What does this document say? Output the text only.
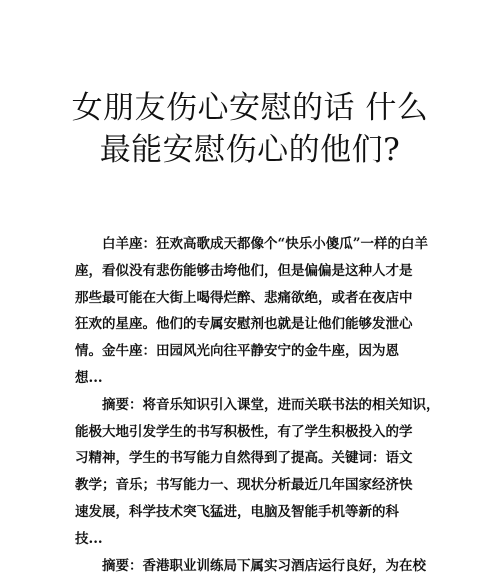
女朋友伤心安慰的话 什么
最能安慰伤心的他们?

白羊座：狂欢高歌成天都像个“快乐小傻瓜”一样的白羊
座，看似没有悲伤能够击垮他们，但是偏偏是这种人才是
那些最可能在大街上喝得烂醉、悲痛欲绝，或者在夜店中
狂欢的星座。他们的专属安慰剂也就是让他们能够发泄心
情。金牛座：田园风光向往平静安宁的金牛座，因为恩
想...

摘要：将音乐知识引入课堂，进而关联书法的相关知识，
能极大地引发学生的书写积极性，有了学生积极投入的学
习精神，学生的书写能力自然得到了提高。关键词：语文
教学；音乐；书写能力一、现状分析最近几年国家经济快
速发展，科学技术突飞猛进，电脑及智能手机等新的科
技...

摘要：香港职业训练局下属实习酒店运行良好，为在校
